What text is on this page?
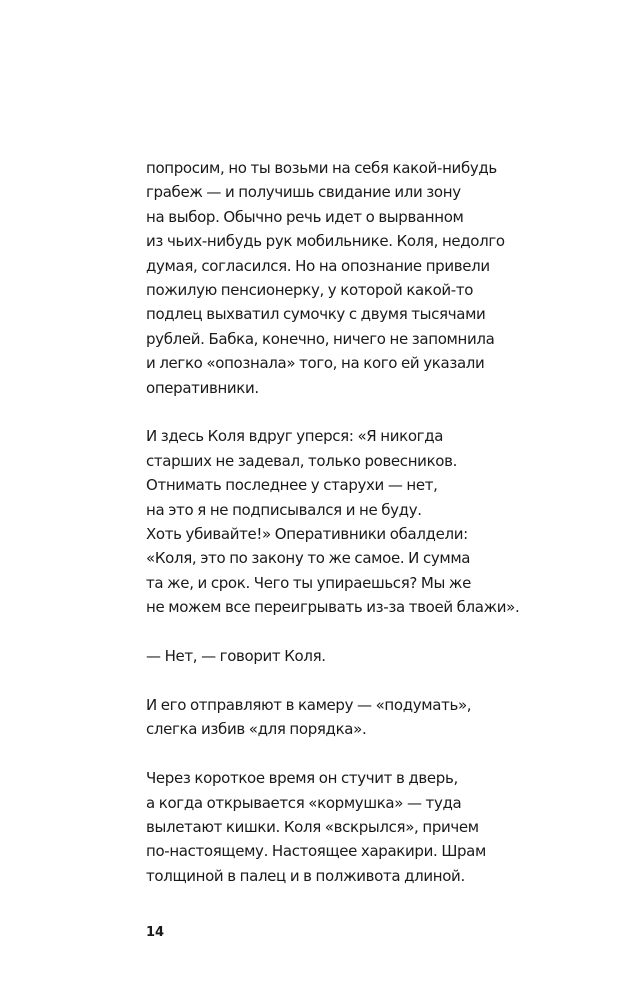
попросим, но ты возьми на себя какой-нибудь
грабеж — и получишь свидание или зону
на выбор. Обычно речь идет о вырванном
из чьих-нибудь рук мобильнике. Коля, недолго
думая, согласился. Но на опознание привели
пожилую пенсионерку, у которой какой-то
подлец выхватил сумочку с двумя тысячами
рублей. Бабка, конечно, ничего не запомнила
и легко «опознала» того, на кого ей указали
оперативники.

И здесь Коля вдруг уперся: «Я никогда
старших не задевал, только ровесников.
Отнимать последнее у старухи — нет,
на это я не подписывался и не буду.
Хоть убивайте!» Оперативники обалдели:
«Коля, это по закону то же самое. И сумма
та же, и срок. Чего ты упираешься? Мы же
не можем все переигрывать из-за твоей блажи».

— Нет, — говорит Коля.

И его отправляют в камеру — «подумать»,
слегка избив «для порядка».

Через короткое время он стучит в дверь,
а когда открывается «кормушка» — туда
вылетают кишки. Коля «вскрылся», причем
по-настоящему. Настоящее харакири. Шрам
толщиной в палец и в полживота длиной.

14
